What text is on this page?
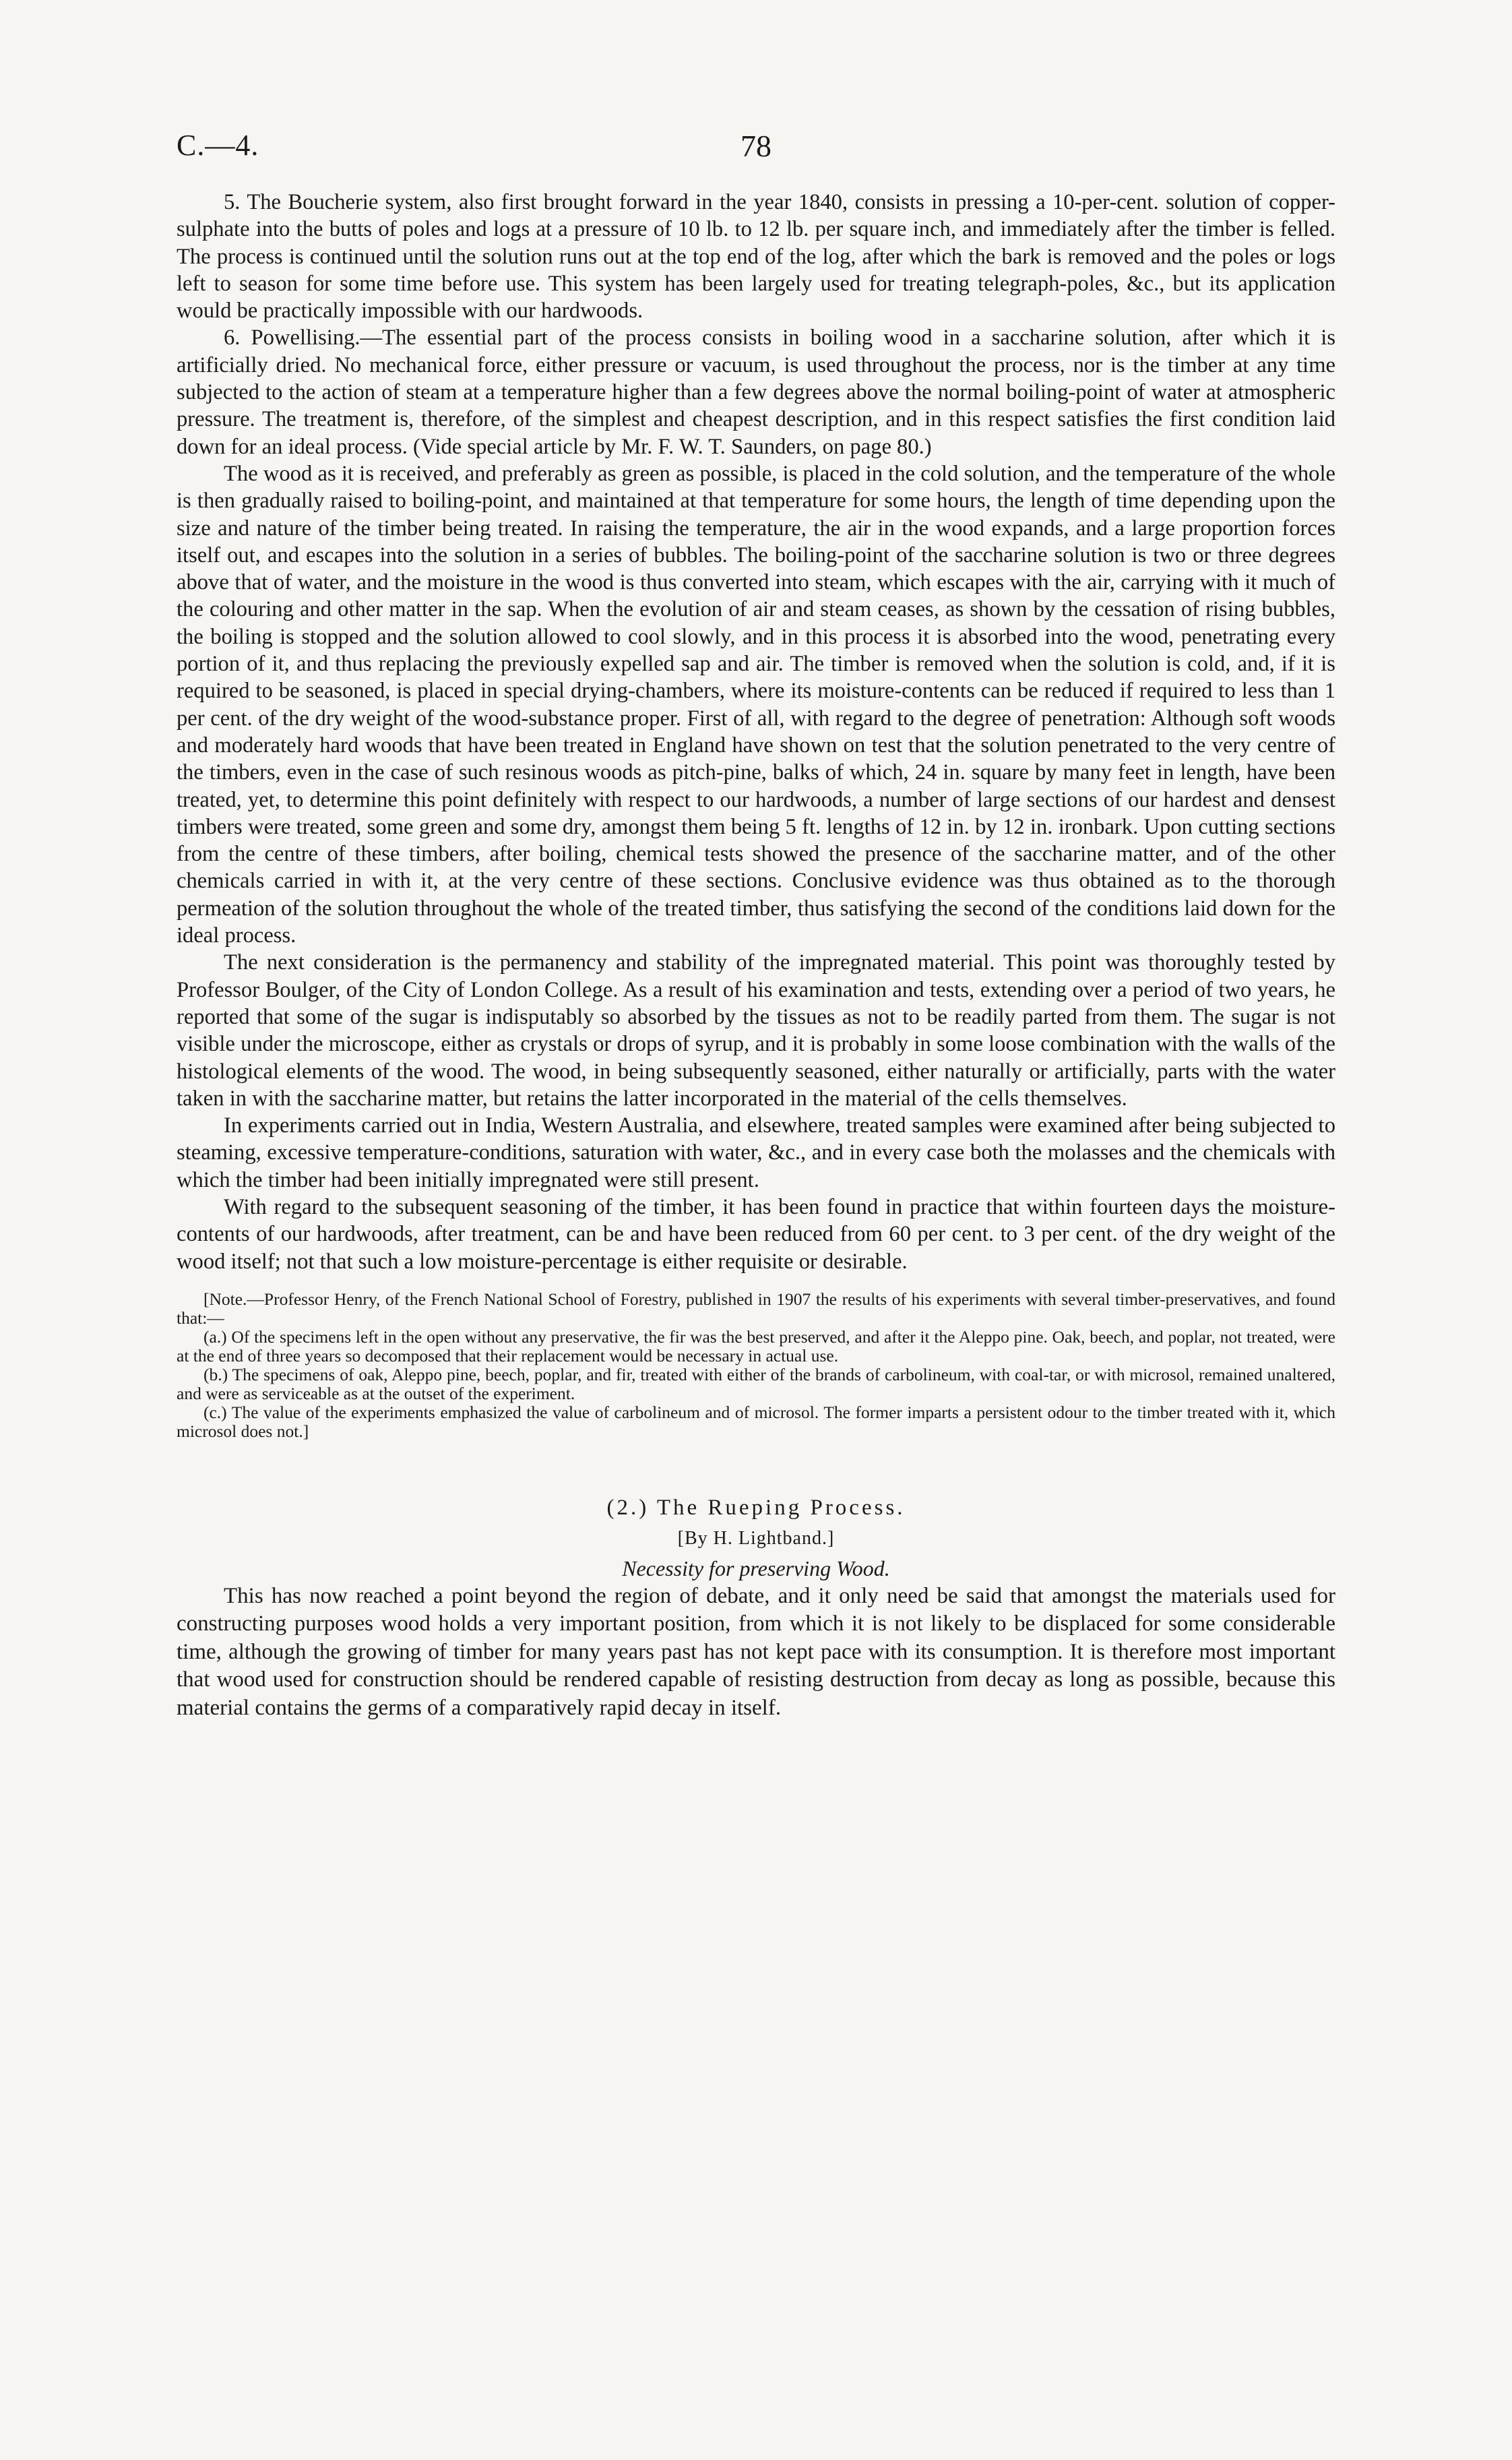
C.—4.	78

5. The Boucherie system, also first brought forward in the year 1840, consists in pressing a 10-per-cent. solution of copper-sulphate into the butts of poles and logs at a pressure of 10 lb. to 12 lb. per square inch, and immediately after the timber is felled. The process is continued until the solution runs out at the top end of the log, after which the bark is removed and the poles or logs left to season for some time before use. This system has been largely used for treating telegraph-poles, &c., but its application would be practically impossible with our hardwoods.

6. Powellising.—The essential part of the process consists in boiling wood in a saccharine solution, after which it is artificially dried. No mechanical force, either pressure or vacuum, is used throughout the process, nor is the timber at any time subjected to the action of steam at a temperature higher than a few degrees above the normal boiling-point of water at atmospheric pressure. The treatment is, therefore, of the simplest and cheapest description, and in this respect satisfies the first condition laid down for an ideal process. (Vide special article by Mr. F. W. T. Saunders, on page 80.)

The wood as it is received, and preferably as green as possible, is placed in the cold solution, and the temperature of the whole is then gradually raised to boiling-point, and maintained at that temperature for some hours, the length of time depending upon the size and nature of the timber being treated. In raising the temperature, the air in the wood expands, and a large proportion forces itself out, and escapes into the solution in a series of bubbles. The boiling-point of the saccharine solution is two or three degrees above that of water, and the moisture in the wood is thus converted into steam, which escapes with the air, carrying with it much of the colouring and other matter in the sap. When the evolution of air and steam ceases, as shown by the cessation of rising bubbles, the boiling is stopped and the solution allowed to cool slowly, and in this process it is absorbed into the wood, penetrating every portion of it, and thus replacing the previously expelled sap and air. The timber is removed when the solution is cold, and, if it is required to be seasoned, is placed in special drying-chambers, where its moisture-contents can be reduced if required to less than 1 per cent. of the dry weight of the wood-substance proper. First of all, with regard to the degree of penetration: Although soft woods and moderately hard woods that have been treated in England have shown on test that the solution penetrated to the very centre of the timbers, even in the case of such resinous woods as pitch-pine, balks of which, 24 in. square by many feet in length, have been treated, yet, to determine this point definitely with respect to our hardwoods, a number of large sections of our hardest and densest timbers were treated, some green and some dry, amongst them being 5 ft. lengths of 12 in. by 12 in. ironbark. Upon cutting sections from the centre of these timbers, after boiling, chemical tests showed the presence of the saccharine matter, and of the other chemicals carried in with it, at the very centre of these sections. Conclusive evidence was thus obtained as to the thorough permeation of the solution throughout the whole of the treated timber, thus satisfying the second of the conditions laid down for the ideal process.

The next consideration is the permanency and stability of the impregnated material. This point was thoroughly tested by Professor Boulger, of the City of London College. As a result of his examination and tests, extending over a period of two years, he reported that some of the sugar is indisputably so absorbed by the tissues as not to be readily parted from them. The sugar is not visible under the microscope, either as crystals or drops of syrup, and it is probably in some loose combination with the walls of the histological elements of the wood. The wood, in being subsequently seasoned, either naturally or artificially, parts with the water taken in with the saccharine matter, but retains the latter incorporated in the material of the cells themselves.

In experiments carried out in India, Western Australia, and elsewhere, treated samples were examined after being subjected to steaming, excessive temperature-conditions, saturation with water, &c., and in every case both the molasses and the chemicals with which the timber had been initially impregnated were still present.

With regard to the subsequent seasoning of the timber, it has been found in practice that within fourteen days the moisture-contents of our hardwoods, after treatment, can be and have been reduced from 60 per cent. to 3 per cent. of the dry weight of the wood itself; not that such a low moisture-percentage is either requisite or desirable.

[Note.—Professor Henry, of the French National School of Forestry, published in 1907 the results of his experiments with several timber-preservatives, and found that:—

(a.) Of the specimens left in the open without any preservative, the fir was the best preserved, and after it the Aleppo pine. Oak, beech, and poplar, not treated, were at the end of three years so decomposed that their replacement would be necessary in actual use.

(b.) The specimens of oak, Aleppo pine, beech, poplar, and fir, treated with either of the brands of carbolineum, with coal-tar, or with microsol, remained unaltered, and were as serviceable as at the outset of the experiment.

(c.) The value of the experiments emphasized the value of carbolineum and of microsol. The former imparts a persistent odour to the timber treated with it, which microsol does not.]

(2.) The Rueping Process.
[By H. Lightband.]
Necessity for preserving Wood.

This has now reached a point beyond the region of debate, and it only need be said that amongst the materials used for constructing purposes wood holds a very important position, from which it is not likely to be displaced for some considerable time, although the growing of timber for many years past has not kept pace with its consumption. It is therefore most important that wood used for construction should be rendered capable of resisting destruction from decay as long as possible, because this material contains the germs of a comparatively rapid decay in itself.
